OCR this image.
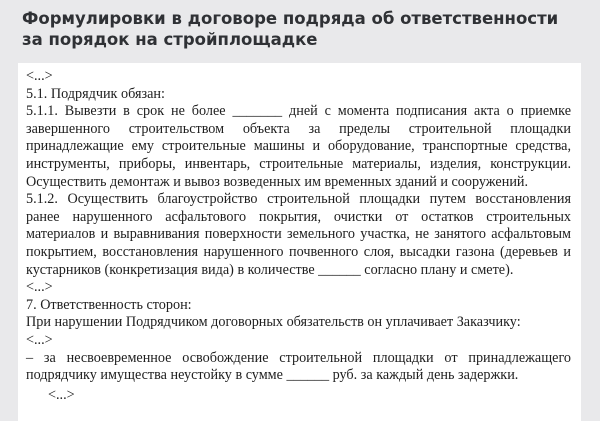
Формулировки в договоре подряда об ответственности за порядок на стройплощадке

<...>

5.1. Подрядчик обязан:

5.1.1. Вывезти в срок не более _______ дней с момента подписания акта о приемке завершенного строительством объекта за пределы строительной площадки принадлежащие ему строительные машины и оборудование, транспортные средства, инструменты, приборы, инвентарь, строительные материалы, изделия, конструкции. Осуществить демонтаж и вывоз возведенных им временных зданий и сооружений.

5.1.2. Осуществить благоустройство строительной площадки путем восстановления ранее нарушенного асфальтового покрытия, очистки от остатков строительных материалов и выравнивания поверхности земельного участка, не занятого асфальтовым покрытием, восстановления нарушенного почвенного слоя, высадки газона (деревьев и кустарников (конкретизация вида) в количестве ______ согласно плану и смете).

<...>

7. Ответственность сторон:

При нарушении Подрядчиком договорных обязательств он уплачивает Заказчику:

<...>

– за несвоевременное освобождение строительной площадки от принадлежащего подрядчику имущества неустойку в сумме ______ руб. за каждый день задержки.

<...>
